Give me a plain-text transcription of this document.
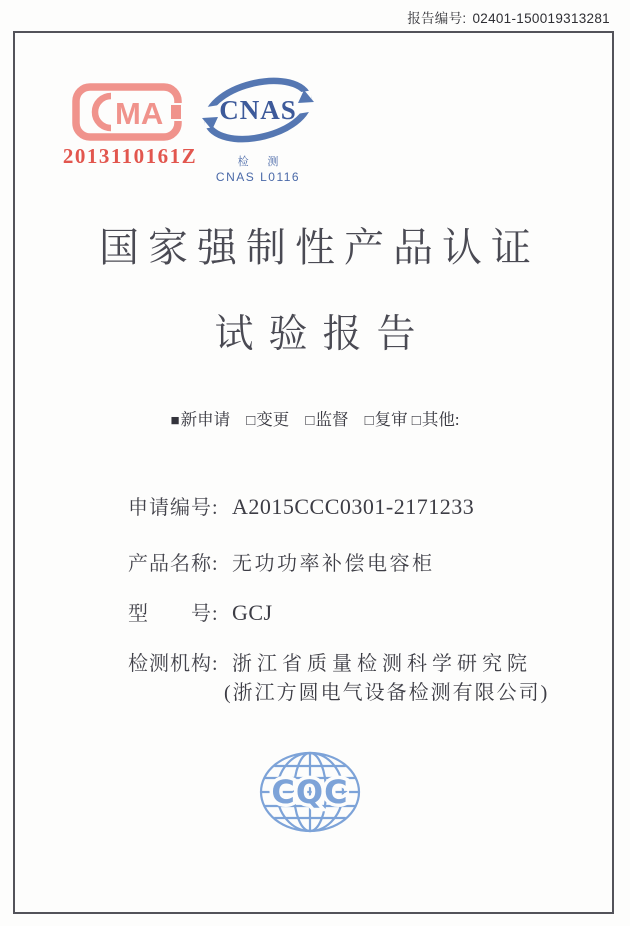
报告编号: 02401-150019313281
MA
2013110161Z
CNAS
检 测
CNAS L0116
国家强制性产品认证
试验报告
■新申请 □变更 □监督 □复审 □其他:
申请编号: A2015CCC0301-2171233
产品名称: 无功功率补偿电容柜
型　　号: GCJ
检测机构: 浙江省质量检测科学研究院
(浙江方圆电气设备检测有限公司)
CQC
